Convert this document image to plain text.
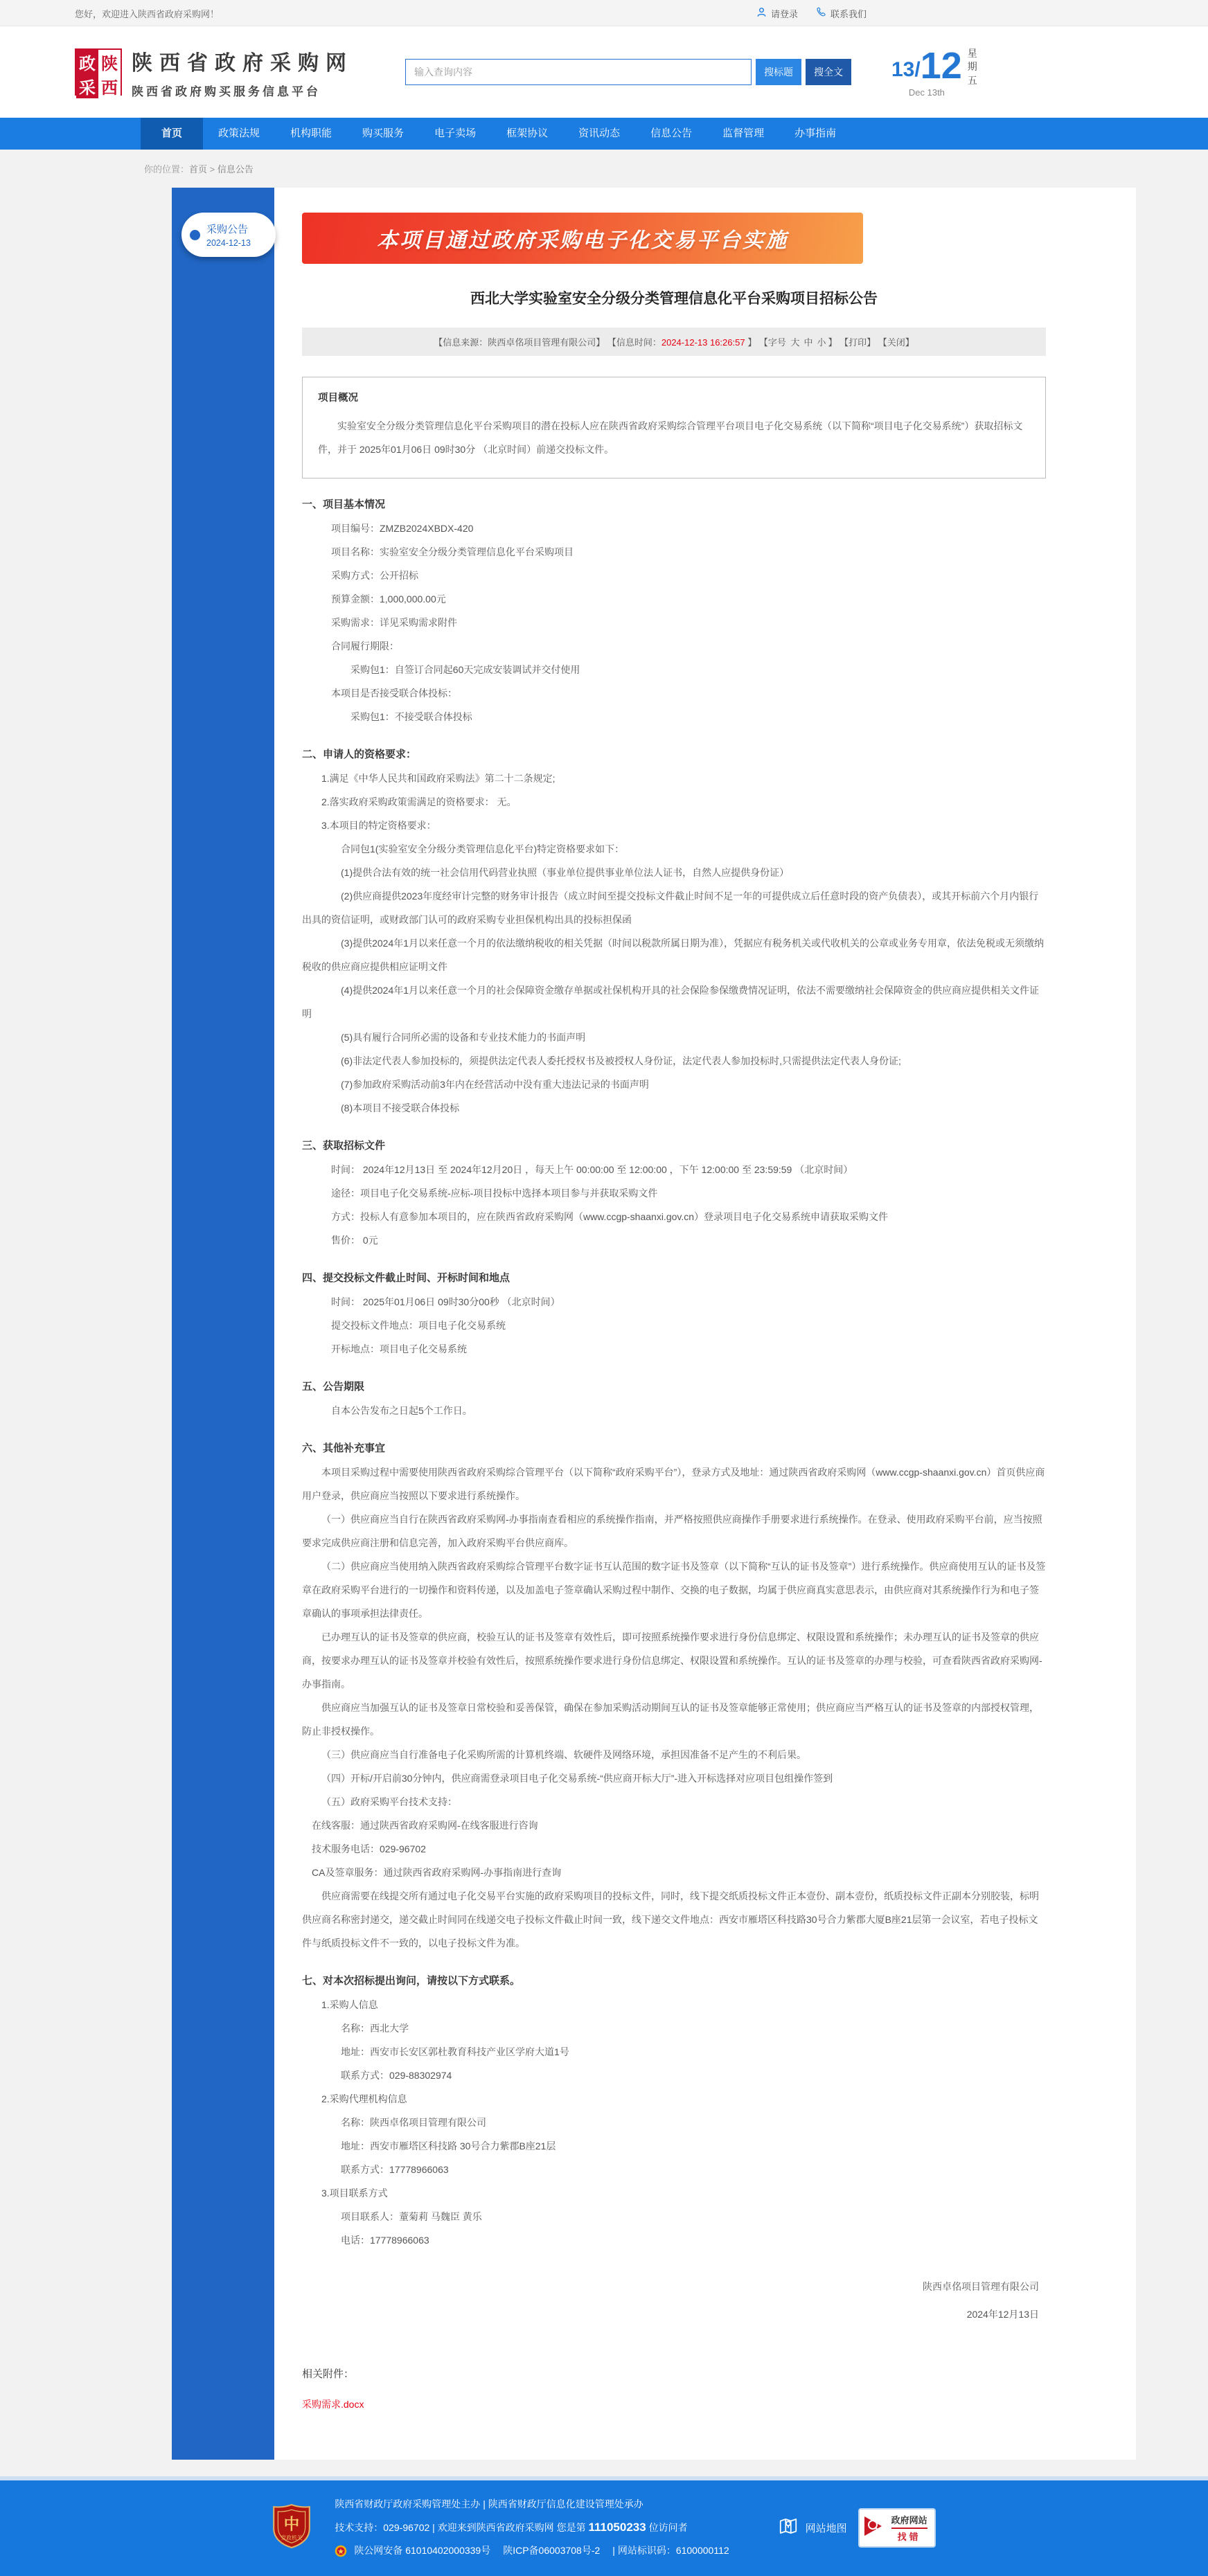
您好，欢迎进入陕西省政府采购网！	请登录	联系我们
政 陕
采 西
陕西省政府采购网
陕西省政府购买服务信息平台
输入查询内容
搜标题	搜全文	13/ 12
Dec 13th
星
期
五
首页	政策法规	机构职能	购买服务	电子卖场	框架协议	资讯动态	信息公告	监督管理	办事指南
你的位置：首页 > 信息公告
采购公告
2024-12-13	本项目通过政府采购电子化交易平台实施
西北大学实验室安全分级分类管理信息化平台采购项目招标公告
【信息来源：陕西卓佲项目管理有限公司】 【信息时间：2024-12-13 16:26:57 】 【字号 大 中 小 】 【打印】 【关闭】
项目概况

实验室安全分级分类管理信息化平台采购项目的潜在投标人应在陕西省政府采购综合管理平台项目电子化交易系统（以下简称“项目电子化交易系统”）获取招标文件，并于 2025年01月06日 09时30分 （北京时间）前递交投标文件。

一、项目基本情况

项目编号：ZMZB2024XBDX-420

项目名称：实验室安全分级分类管理信息化平台采购项目

采购方式：公开招标

预算金额：1,000,000.00元

采购需求：详见采购需求附件

合同履行期限：

采购包1：自签订合同起60天完成安装调试并交付使用

本项目是否接受联合体投标：

采购包1：不接受联合体投标

二、申请人的资格要求：

1.满足《中华人民共和国政府采购法》第二十二条规定;

2.落实政府采购政策需满足的资格要求： 无。

3.本项目的特定资格要求：

合同包1(实验室安全分级分类管理信息化平台)特定资格要求如下：

(1)提供合法有效的统一社会信用代码营业执照（事业单位提供事业单位法人证书，自然人应提供身份证）

(2)供应商提供2023年度经审计完整的财务审计报告（成立时间至提交投标文件截止时间不足一年的可提供成立后任意时段的资产负债表），或其开标前六个月内银行出具的资信证明，或财政部门认可的政府采购专业担保机构出具的投标担保函

(3)提供2024年1月以来任意一个月的依法缴纳税收的相关凭据（时间以税款所属日期为准），凭据应有税务机关或代收机关的公章或业务专用章，依法免税或无须缴纳税收的供应商应提供相应证明文件

(4)提供2024年1月以来任意一个月的社会保障资金缴存单据或社保机构开具的社会保险参保缴费情况证明，依法不需要缴纳社会保障资金的供应商应提供相关文件证明

(5)具有履行合同所必需的设备和专业技术能力的书面声明

(6)非法定代表人参加投标的，须提供法定代表人委托授权书及被授权人身份证，法定代表人参加投标时,只需提供法定代表人身份证;

(7)参加政府采购活动前3年内在经营活动中没有重大违法记录的书面声明

(8)本项目不接受联合体投标

三、获取招标文件

时间： 2024年12月13日 至 2024年12月20日 ，每天上午 00:00:00 至 12:00:00 ，下午 12:00:00 至 23:59:59 （北京时间）

途径：项目电子化交易系统-应标-项目投标中选择本项目参与并获取采购文件

方式：投标人有意参加本项目的，应在陕西省政府采购网（www.ccgp-shaanxi.gov.cn）登录项目电子化交易系统申请获取采购文件

售价： 0元

四、提交投标文件截止时间、开标时间和地点

时间： 2025年01月06日 09时30分00秒 （北京时间）

提交投标文件地点：项目电子化交易系统

开标地点：项目电子化交易系统

五、公告期限

自本公告发布之日起5个工作日。

六、其他补充事宜

本项目采购过程中需要使用陕西省政府采购综合管理平台（以下简称“政府采购平台”），登录方式及地址：通过陕西省政府采购网（www.ccgp-shaanxi.gov.cn）首页供应商用户登录，供应商应当按照以下要求进行系统操作。

（一）供应商应当自行在陕西省政府采购网-办事指南查看相应的系统操作指南，并严格按照供应商操作手册要求进行系统操作。在登录、使用政府采购平台前，应当按照要求完成供应商注册和信息完善，加入政府采购平台供应商库。

（二）供应商应当使用纳入陕西省政府采购综合管理平台数字证书互认范围的数字证书及签章（以下简称“互认的证书及签章”）进行系统操作。供应商使用互认的证书及签章在政府采购平台进行的一切操作和资料传递，以及加盖电子签章确认采购过程中制作、交换的电子数据，均属于供应商真实意思表示，由供应商对其系统操作行为和电子签章确认的事项承担法律责任。

已办理互认的证书及签章的供应商，校验互认的证书及签章有效性后，即可按照系统操作要求进行身份信息绑定、权限设置和系统操作；未办理互认的证书及签章的供应商，按要求办理互认的证书及签章并校验有效性后，按照系统操作要求进行身份信息绑定、权限设置和系统操作。互认的证书及签章的办理与校验，可查看陕西省政府采购网-办事指南。

供应商应当加强互认的证书及签章日常校验和妥善保管，确保在参加采购活动期间互认的证书及签章能够正常使用；供应商应当严格互认的证书及签章的内部授权管理，防止非授权操作。

（三）供应商应当自行准备电子化采购所需的计算机终端、软硬件及网络环境，承担因准备不足产生的不利后果。

（四）开标/开启前30分钟内，供应商需登录项目电子化交易系统-“供应商开标大厅”-进入开标选择对应项目包组操作签到

（五）政府采购平台技术支持：

在线客服：通过陕西省政府采购网-在线客服进行咨询

技术服务电话：029-96702

CA及签章服务：通过陕西省政府采购网-办事指南进行查询

供应商需要在线提交所有通过电子化交易平台实施的政府采购项目的投标文件，同时，线下提交纸质投标文件正本壹份、副本壹份，纸质投标文件正副本分别胶装，标明供应商名称密封递交，递交截止时间同在线递交电子投标文件截止时间一致，线下递交文件地点：西安市雁塔区科技路30号合力紫郡大厦B座21层第一会议室，若电子投标文件与纸质投标文件不一致的，以电子投标文件为准。

七、对本次招标提出询问，请按以下方式联系。

1.采购人信息

名称：西北大学

地址：西安市长安区郭杜教育科技产业区学府大道1号

联系方式：029-88302974

2.采购代理机构信息

名称：陕西卓佲项目管理有限公司

地址：西安市雁塔区科技路 30号合力紫郡B座21层

联系方式：17778966063

3.项目联系方式

项目联系人：蕫菊莉 马魏臣 黄乐

电话：17778966063

陕西卓佲项目管理有限公司
2024年12月13日
相关附件：
采购需求.docx
中
党政机关
陕西省财政厅政府采购管理处主办 | 陕西省财政厅信息化建设管理处承办
技术支持：029-96702 | 欢迎来到陕西省政府采购网 您是第 111050233 位访问者
陕公网安备 61010402000339号 陕ICP备06003708号-2 | 网站标识码：6100000112
网站地图
政府网站
找错
